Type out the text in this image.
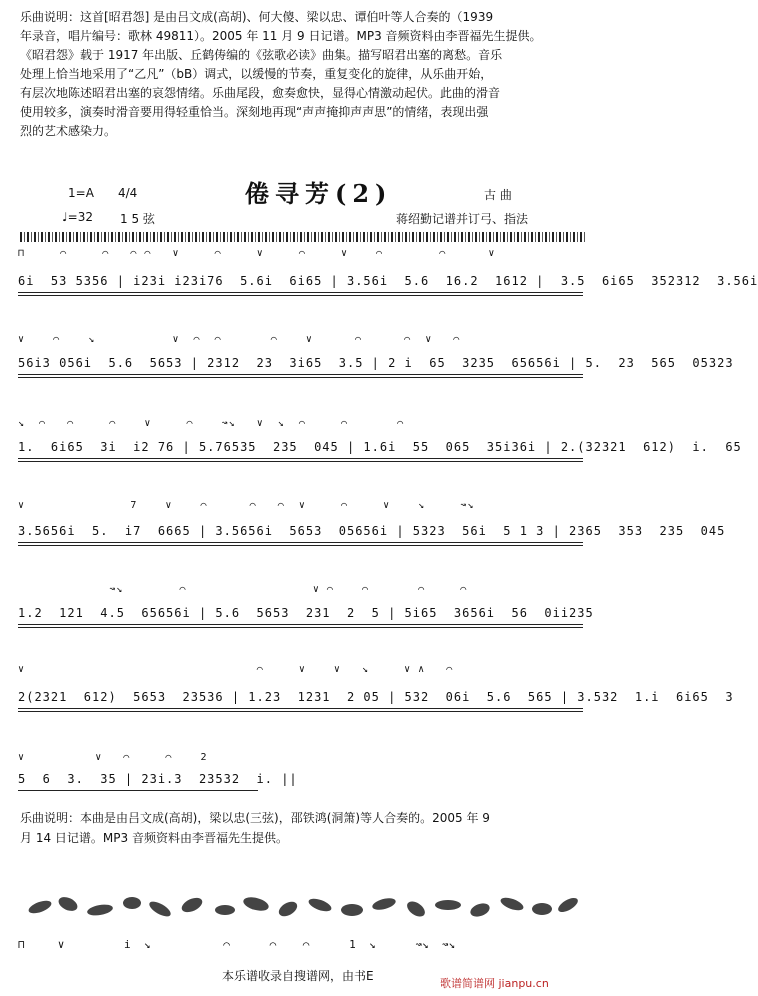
乐曲说明：这首[昭君怨] 是由吕文成(高胡)、何大傻、梁以忠、谭伯叶等人合奏的（1939
年录音，唱片编号：歌林 49811）。2005 年 11 月 9 日记谱。MP3 音频资料由李晋福先生提供。
《昭君怨》载于 1917 年出版、丘鹤俦编的《弦歌必读》曲集。描写昭君出塞的离愁。音乐
处理上恰当地采用了“乙凡”（bB）调式，以缓慢的节奏，重复变化的旋律，从乐曲开始，
有层次地陈述昭君出塞的哀怨情绪。乐曲尾段，愈奏愈快，显得心情激动起伏。此曲的滑音
使用较多，演奏时滑音要用得轻重恰当。深刻地再现“声声掩抑声声思”的情绪，表现出强
烈的艺术感染力。
1=A 4/4
♩=32 1 5 弦
倦寻芳(2)	古 曲
蒋绍勤记谱并订弓、指法
⊓     ⌒     ⌒   ⌒ ⌒   ∨     ⌒     ∨     ⌒     ∨    ⌒        ⌒      ∨
6i  53 5356 | i23i i23i76  5.6i  6i65 | 3.56i  5.6  16.2  1612 |  3.5  6i65  352312  3.56i
∨    ⌒    ↘           ∨  ⌒  ⌒       ⌒    ∨      ⌒      ⌒  ∨   ⌒
56i3 056i  5.6  5653 | 2312  23  3i65  3.5 | 2 i  65  3235  65656i | 5.  23  565  05323
↘  ⌒   ⌒     ⌒    ∨     ⌒    ↝↘   ∨  ↘  ⌒     ⌒       ⌒
1.  6i65  3i  i2 76 | 5.76535  235  045 | 1.6i  55  065  35i36i | 2.(32321  612)  i.  65
∨               7    ∨    ⌒      ⌒   ⌒  ∨     ⌒     ∨    ↘     ↝↘
3.5656i  5.  i7  6665 | 3.5656i  5653  05656i | 5323  56i  5 1 3 | 2365  353  235  045
↝↘        ⌒                  ∨ ⌒    ⌒       ⌒     ⌒
1.2  121  4.5  65656i | 5.6  5653  231  2  5 | 5i65  3656i  56  0ii235
∨                                 ⌒     ∨    ∨   ↘     ∨ ∧   ⌒
2(2321  612)  5653  23536 | 1.23  1231  2 05 | 532  06i  5.6  565 | 3.532  1.i  6i65  3
∨          ∨   ⌒     ⌒    2
5  6  3.  35 | 23i.3  23532  i. ||
乐曲说明：本曲是由吕文成(高胡)，梁以忠(三弦)，邵铁鸿(洞箫)等人合奏的。2005 年 9
月 14 日记谱。MP3 音频资料由李晋福先生提供。
⊓     ∨         i  ↘           ⌒      ⌒    ⌒      1  ↘      ↝↘  ↝↘
本乐谱收录自搜谱网，由书E
歌谱简谱网 jianpu.cn
